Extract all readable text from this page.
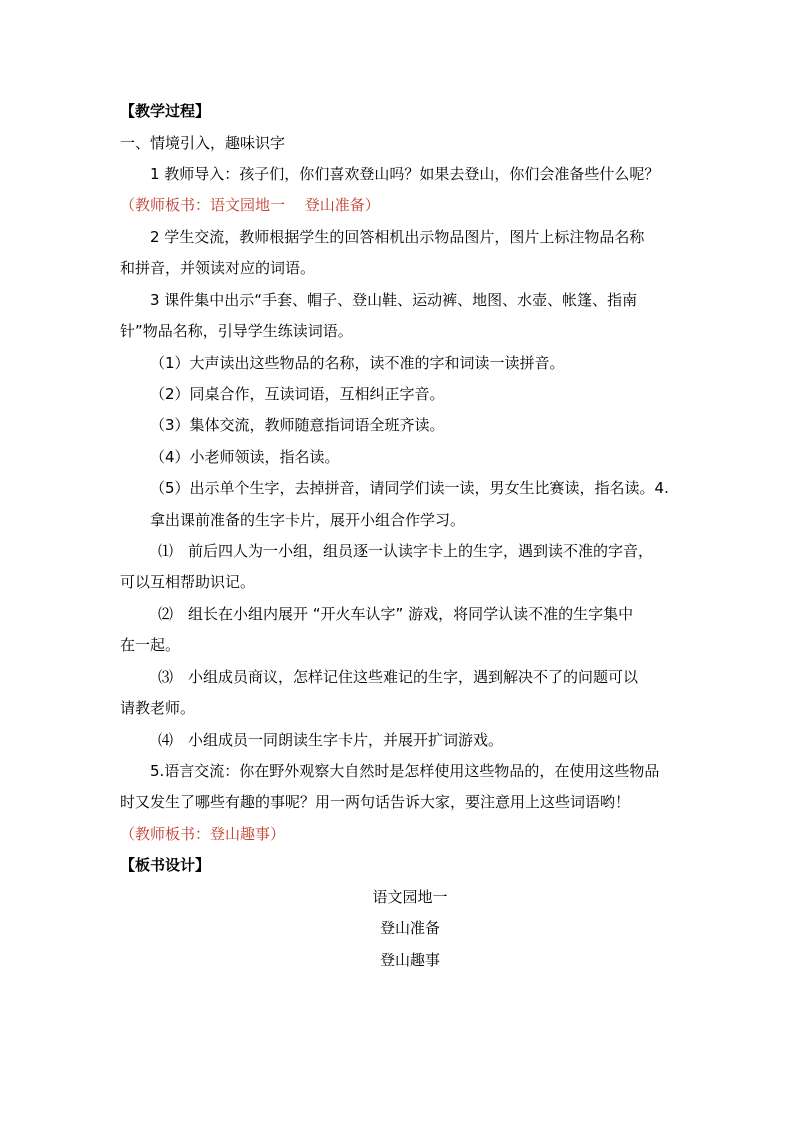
【教学过程】
一、情境引入，趣味识字
1 教师导入：孩子们，你们喜欢登山吗？如果去登山，你们会准备些什么呢？
（教师板书：语文园地一　 登山准备）
2 学生交流，教师根据学生的回答相机出示物品图片，图片上标注物品名称
和拼音，并领读对应的词语。
3 课件集中出示“手套、帽子、登山鞋、运动裤、地图、水壶、帐篷、指南
针”物品名称，引导学生练读词语。
（1）大声读出这些物品的名称，读不准的字和词读一读拼音。
（2）同桌合作，互读词语，互相纠正字音。
（3）集体交流，教师随意指词语全班齐读。
（4）小老师领读，指名读。
（5）出示单个生字，去掉拼音，请同学们读一读，男女生比赛读，指名读。4.
拿出课前准备的生字卡片，展开小组合作学习。
⑴　前后四人为一小组，组员逐一认读字卡上的生字，遇到读不准的字音，
可以互相帮助识记。
⑵　组长在小组内展开 “开火车认字” 游戏，将同学认读不准的生字集中
在一起。
⑶　小组成员商议，怎样记住这些难记的生字，遇到解决不了的问题可以
请教老师。
⑷　小组成员一同朗读生字卡片，并展开扩词游戏。
5.语言交流：你在野外观察大自然时是怎样使用这些物品的，在使用这些物品
时又发生了哪些有趣的事呢？用一两句话告诉大家，要注意用上这些词语哟！
（教师板书：登山趣事）
【板书设计】
语文园地一
登山准备
登山趣事
